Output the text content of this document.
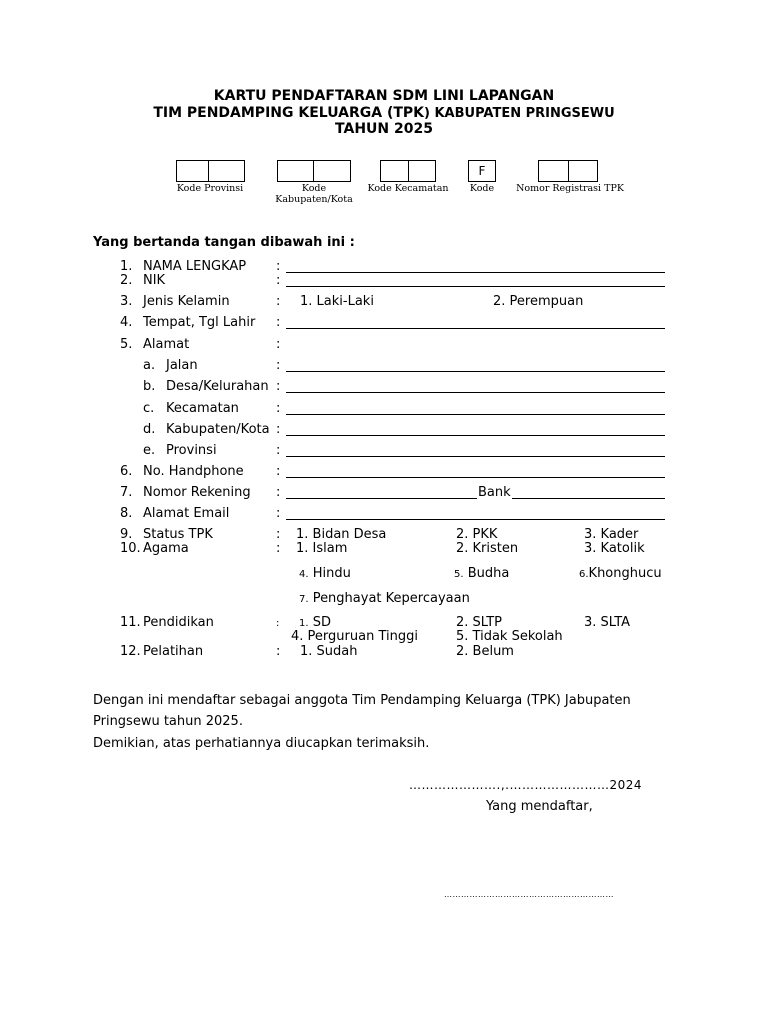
KARTU PENDAFTARAN SDM LINI LAPANGAN
TIM PENDAMPING KELUARGA (TPK) KABUPATEN PRINGSEWU
TAHUN 2025
Kode Provinsi	Kode Kabupaten/Kota
Kode Kecamatan
F
Kode	Nomor Registrasi TPK
Yang bertanda tangan dibawah ini :
1. NAMA LENGKAP :
2. NIK	:
3. Jenis Kelamin	: 1. Laki-Laki	2. Perempuan
4. Tempat, Tgl Lahir :
5. Alamat	:
a. Jalan	:
b. Desa/Kelurahan :
c. Kecamatan	:
d. Kabupaten/Kota :
e. Provinsi	:
6. No. Handphone :
7. Nomor Rekening :	Bank
8. Alamat Email	:
9. Status TPK	: 1. Bidan Desa	2. PKK	3. Kader
10. Agama	: 1. Islam	2. Kristen	3. Katolik
4. Hindu	5. Budha	6.Khonghucu
7. Penghayat Kepercayaan
11. Pendidikan	: 1. SD	2. SLTP	3. SLTA
4. Perguruan Tinggi	5. Tidak Sekolah
12. Pelatihan	: 1. Sudah	2. Belum
Dengan ini mendaftar sebagai anggota Tim Pendamping Keluarga (TPK) Jabupaten
Pringsewu tahun 2025.
Demikian, atas perhatiannya diucapkan terimaksih.
………………….,.……………………2024
Yang mendaftar,
……………………………………………………
